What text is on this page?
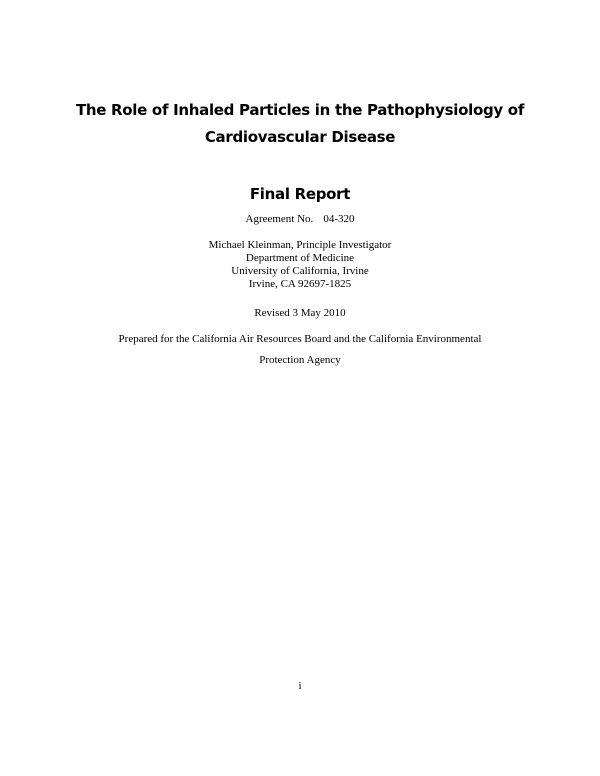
The Role of Inhaled Particles in the Pathophysiology of
Cardiovascular Disease
Final Report
Agreement No. 04-320
Michael Kleinman, Principle Investigator
Department of Medicine
University of California, Irvine
Irvine, CA 92697-1825
Revised 3 May 2010
Prepared for the California Air Resources Board and the California Environmental
Protection Agency
i
